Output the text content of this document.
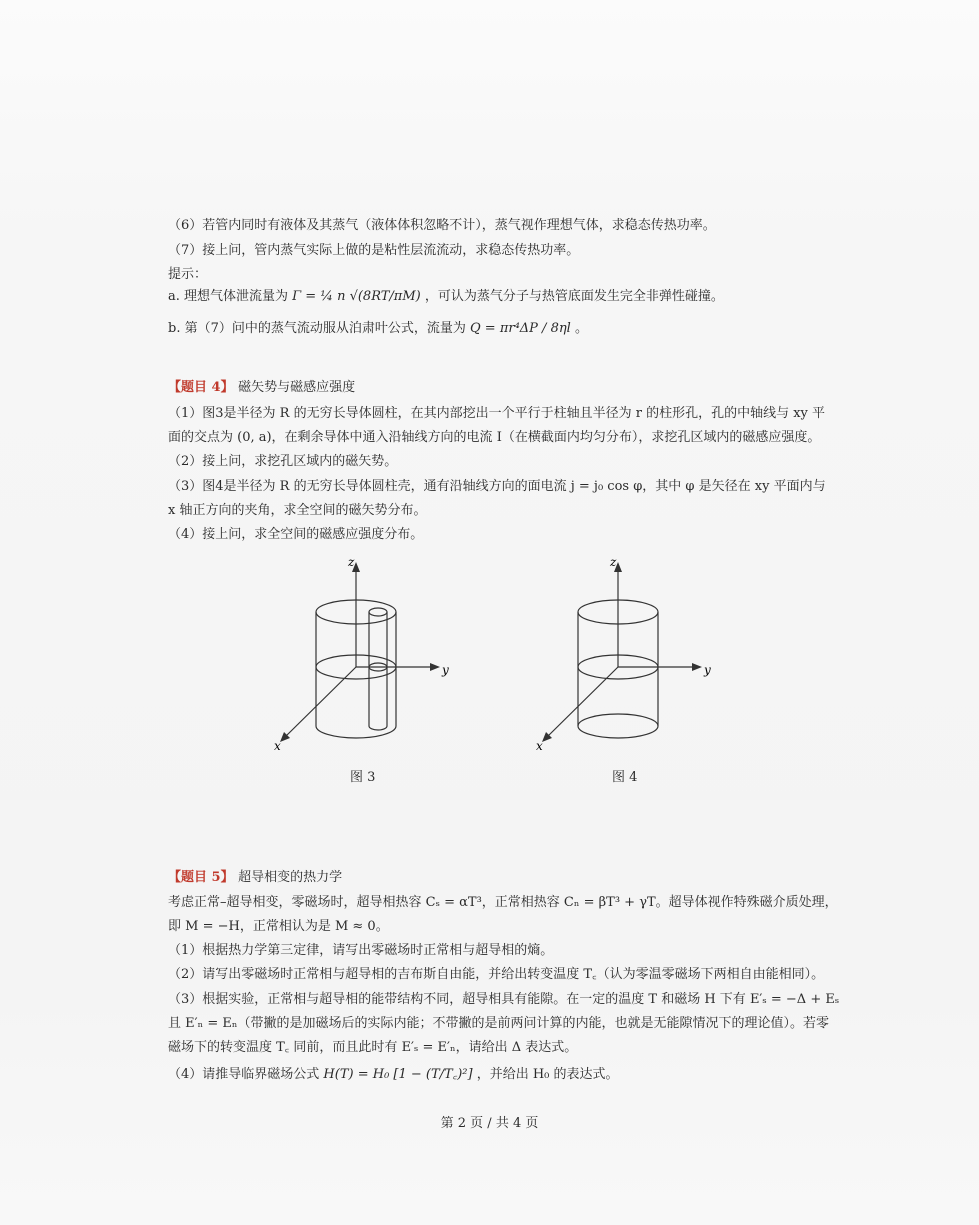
（6）若管内同时有液体及其蒸气（液体体积忽略不计），蒸气视作理想气体，求稳态传热功率。
（7）接上问，管内蒸气实际上做的是粘性层流流动，求稳态传热功率。
提示：
a. 理想气体泄流量为 Γ = ¼ n √(8RT/πM) ，可认为蒸气分子与热管底面发生完全非弹性碰撞。
b. 第（7）问中的蒸气流动服从泊肃叶公式，流量为 Q = πr⁴ΔP / 8ηl 。
【题目 4】 磁矢势与磁感应强度
（1）图3是半径为 R 的无穷长导体圆柱，在其内部挖出一个平行于柱轴且半径为 r 的柱形孔，孔的中轴线与 xy 平
面的交点为 (0, a)，在剩余导体中通入沿轴线方向的电流 I（在横截面内均匀分布），求挖孔区域内的磁感应强度。
（2）接上问，求挖孔区域内的磁矢势。
（3）图4是半径为 R 的无穷长导体圆柱壳，通有沿轴线方向的面电流 j = j₀ cos φ，其中 φ 是矢径在 xy 平面内与
x 轴正方向的夹角，求全空间的磁矢势分布。
（4）接上问，求全空间的磁感应强度分布。
z
y
x
图 3
z
y
x
图 4
【题目 5】 超导相变的热力学
考虑正常–超导相变，零磁场时，超导相热容 Cₛ = αT³，正常相热容 Cₙ = βT³ + γT。超导体视作特殊磁介质处理，
即 M = −H，正常相认为是 M ≈ 0。
（1）根据热力学第三定律，请写出零磁场时正常相与超导相的熵。
（2）请写出零磁场时正常相与超导相的吉布斯自由能，并给出转变温度 T꜀（认为零温零磁场下两相自由能相同）。
（3）根据实验，正常相与超导相的能带结构不同，超导相具有能隙。在一定的温度 T 和磁场 H 下有 E′ₛ = −Δ + Eₛ
且 E′ₙ = Eₙ（带撇的是加磁场后的实际内能；不带撇的是前两问计算的内能，也就是无能隙情况下的理论值）。若零
磁场下的转变温度 T꜀ 同前，而且此时有 E′ₛ = E′ₙ，请给出 Δ 表达式。
（4）请推导临界磁场公式 H(T) = H₀ [1 − (T/T꜀)²] ，并给出 H₀ 的表达式。
第 2 页 / 共 4 页
